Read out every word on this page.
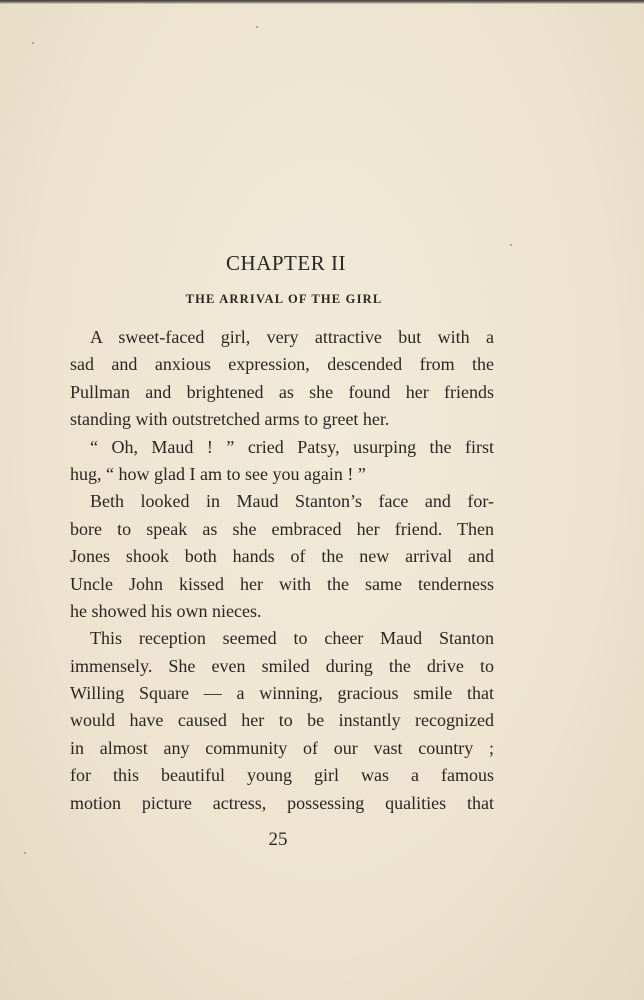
CHAPTER II
THE ARRIVAL OF THE GIRL
A sweet-faced girl, very attractive but with a
sad and anxious expression, descended from the
Pullman and brightened as she found her friends
standing with outstretched arms to greet her.
“ Oh, Maud ! ” cried Patsy, usurping the first
hug, “ how glad I am to see you again ! ”
Beth looked in Maud Stanton’s face and for-
bore to speak as she embraced her friend. Then
Jones shook both hands of the new arrival and
Uncle John kissed her with the same tenderness
he showed his own nieces.
This reception seemed to cheer Maud Stanton
immensely. She even smiled during the drive to
Willing Square — a winning, gracious smile that
would have caused her to be instantly recognized
in almost any community of our vast country ;
for this beautiful young girl was a famous
motion picture actress, possessing qualities that
25
